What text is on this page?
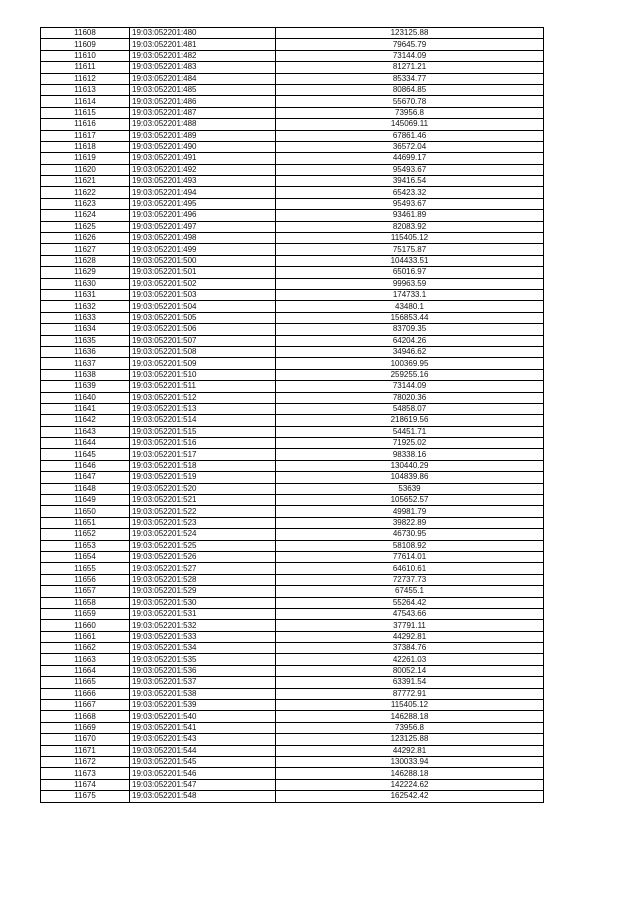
11608	19:03:052201:480	123125.88
11609	19:03:052201:481	79645.79
11610	19:03:052201:482	73144.09
11611	19:03:052201:483	81271.21
11612	19:03:052201:484	85334.77
11613	19:03:052201:485	80864.85
11614	19:03:052201:486	55670.78
11615	19:03:052201:487	73956.8
11616	19:03:052201:488	145069.11
11617	19:03:052201:489	67861.46
11618	19:03:052201:490	36572.04
11619	19:03:052201:491	44699.17
11620	19:03:052201:492	95493.67
11621	19:03:052201:493	39416.54
11622	19:03:052201:494	65423.32
11623	19:03:052201:495	95493.67
11624	19:03:052201:496	93461.89
11625	19:03:052201:497	82083.92
11626	19:03:052201:498	115405.12
11627	19:03:052201:499	75175.87
11628	19:03:052201:500	104433.51
11629	19:03:052201:501	65016.97
11630	19:03:052201:502	99963.59
11631	19:03:052201:503	174733.1
11632	19:03:052201:504	43480.1
11633	19:03:052201:505	156853.44
11634	19:03:052201:506	83709.35
11635	19:03:052201:507	64204.26
11636	19:03:052201:508	34946.62
11637	19:03:052201:509	100369.95
11638	19:03:052201:510	259255.16
11639	19:03:052201:511	73144.09
11640	19:03:052201:512	78020.36
11641	19:03:052201:513	54858.07
11642	19:03:052201:514	218619.56
11643	19:03:052201:515	54451.71
11644	19:03:052201:516	71925.02
11645	19:03:052201:517	98338.16
11646	19:03:052201:518	130440.29
11647	19:03:052201:519	104839.86
11648	19:03:052201:520	53639
11649	19:03:052201:521	105652.57
11650	19:03:052201:522	49981.79
11651	19:03:052201:523	39822.89
11652	19:03:052201:524	46730.95
11653	19:03:052201:525	58108.92
11654	19:03:052201:526	77614.01
11655	19:03:052201:527	64610.61
11656	19:03:052201:528	72737.73
11657	19:03:052201:529	67455.1
11658	19:03:052201:530	55264.42
11659	19:03:052201:531	47543.66
11660	19:03:052201:532	37791.11
11661	19:03:052201:533	44292.81
11662	19:03:052201:534	37384.76
11663	19:03:052201:535	42261.03
11664	19:03:052201:536	80052.14
11665	19:03:052201:537	63391.54
11666	19:03:052201:538	87772.91
11667	19:03:052201:539	115405.12
11668	19:03:052201:540	146288.18
11669	19:03:052201:541	73956.8
11670	19:03:052201:543	123125.88
11671	19:03:052201:544	44292.81
11672	19:03:052201:545	130033.94
11673	19:03:052201:546	146288.18
11674	19:03:052201:547	142224.62
11675	19:03:052201:548	162542.42
